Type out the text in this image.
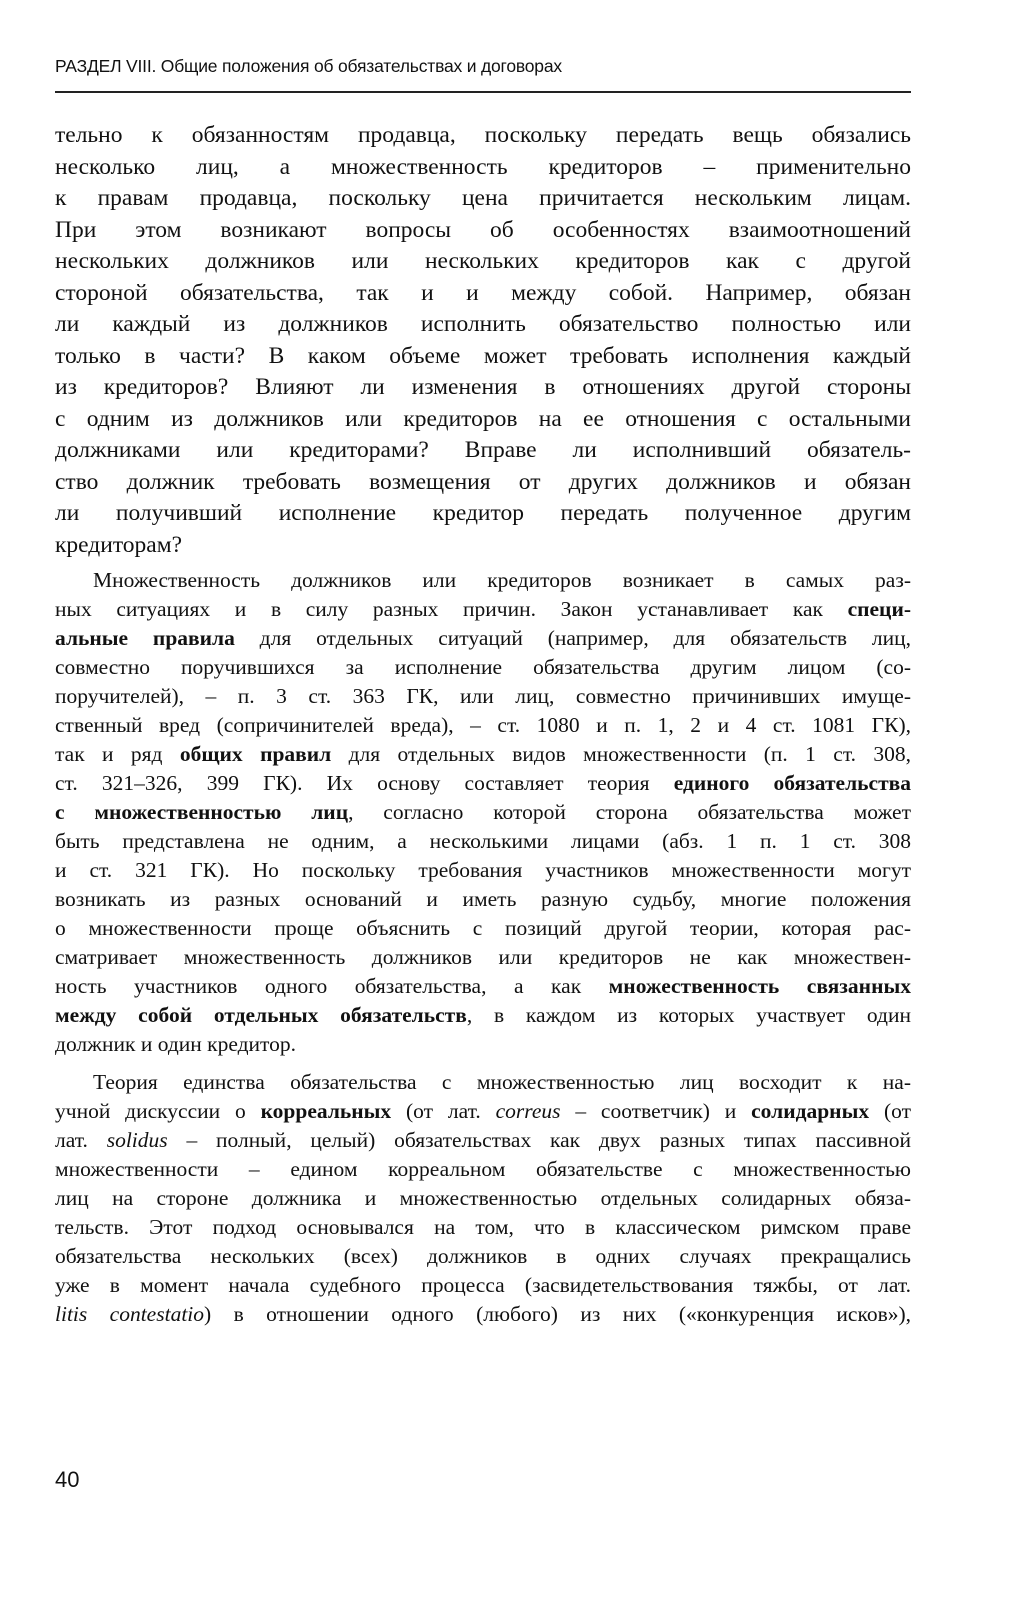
РАЗДЕЛ VIII. Общие положения об обязательствах и договорах
тельно к обязанностям продавца, поскольку передать вещь обязались
несколько лиц, а множественность кредиторов – применительно
к правам продавца, поскольку цена причитается нескольким лицам.
При этом возникают вопросы об особенностях взаимоотношений
нескольких должников или нескольких кредиторов как с другой
стороной обязательства, так и и между собой. Например, обязан
ли каждый из должников исполнить обязательство полностью или
только в части? В каком объеме может требовать исполнения каждый
из кредиторов? Влияют ли изменения в отношениях другой стороны
с одним из должников или кредиторов на ее отношения с остальными
должниками или кредиторами? Вправе ли исполнивший обязатель-
ство должник требовать возмещения от других должников и обязан
ли получивший исполнение кредитор передать полученное другим
кредиторам?
Множественность должников или кредиторов возникает в самых раз-
ных ситуациях и в силу разных причин. Закон устанавливает как специ-
альные правила для отдельных ситуаций (например, для обязательств лиц,
совместно поручившихся за исполнение обязательства другим лицом (со-
поручителей), – п. 3 ст. 363 ГК, или лиц, совместно причинивших имуще-
ственный вред (сопричинителей вреда), – ст. 1080 и п. 1, 2 и 4 ст. 1081 ГК),
так и ряд общих правил для отдельных видов множественности (п. 1 ст. 308,
ст. 321–326, 399 ГК). Их основу составляет теория единого обязательства
с множественностью лиц, согласно которой сторона обязательства может
быть представлена не одним, а несколькими лицами (абз. 1 п. 1 ст. 308
и ст. 321 ГК). Но поскольку требования участников множественности могут
возникать из разных оснований и иметь разную судьбу, многие положения
о множественности проще объяснить с позиций другой теории, которая рас-
сматривает множественность должников или кредиторов не как множествен-
ность участников одного обязательства, а как множественность связанных
между собой отдельных обязательств, в каждом из которых участвует один
должник и один кредитор.
Теория единства обязательства с множественностью лиц восходит к на-
учной дискуссии о корреальных (от лат. correus – соответчик) и солидарных (от
лат. solidus – полный, целый) обязательствах как двух разных типах пассивной
множественности – едином корреальном обязательстве с множественностью
лиц на стороне должника и множественностью отдельных солидарных обяза-
тельств. Этот подход основывался на том, что в классическом римском праве
обязательства нескольких (всех) должников в одних случаях прекращались
уже в момент начала судебного процесса (засвидетельствования тяжбы, от лат.
litis contestatio) в отношении одного (любого) из них («конкуренция исков»),
40
